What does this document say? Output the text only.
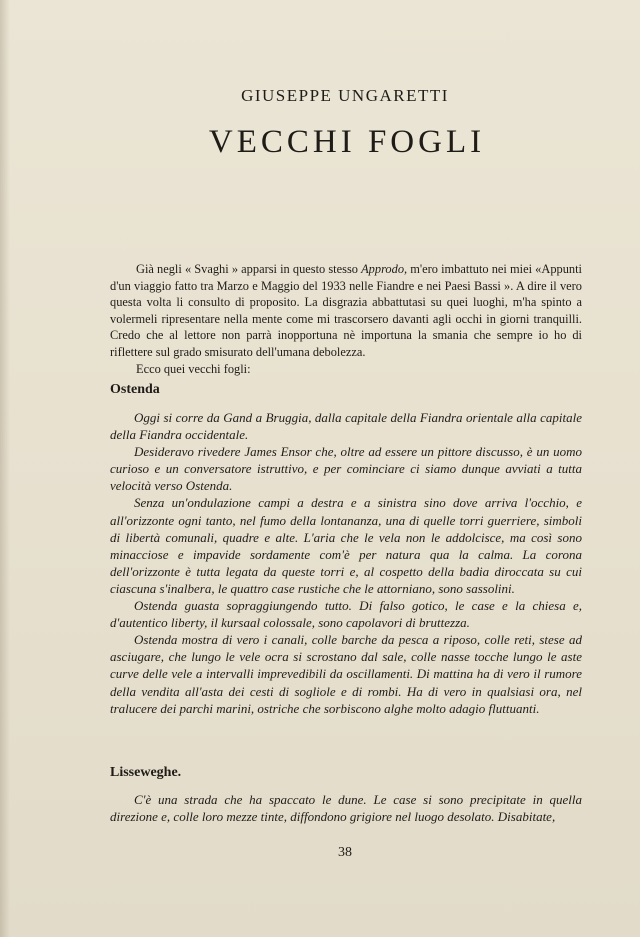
GIUSEPPE UNGARETTI
VECCHI FOGLI

Già negli « Svaghi » apparsi in questo stesso Approdo, m'ero imbattuto nei miei «Appunti d'un viaggio fatto tra Marzo e Maggio del 1933 nelle Fiandre e nei Paesi Bassi ». A dire il vero questa volta li consulto di proposito. La disgrazia abbattutasi su quei luoghi, m'ha spinto a volermeli ripresentare nella mente come mi trascorsero davanti agli occhi in giorni tranquilli. Credo che al lettore non parrà inopportuna nè importuna la smania che sempre io ho di riflettere sul grado smisurato dell'umana debolezza.

Ecco quei vecchi fogli:

Ostenda

Oggi si corre da Gand a Bruggia, dalla capitale della Fiandra orientale alla capitale della Fiandra occidentale.

Desideravo rivedere James Ensor che, oltre ad essere un pittore discusso, è un uomo curioso e un conversatore istruttivo, e per cominciare ci siamo dunque avviati a tutta velocità verso Ostenda.

Senza un'ondulazione campi a destra e a sinistra sino dove arriva l'occhio, e all'orizzonte ogni tanto, nel fumo della lontananza, una di quelle torri guerriere, simboli di libertà comunali, quadre e alte. L'aria che le vela non le addolcisce, ma così sono minacciose e impavide sordamente com'è per natura qua la calma. La corona dell'orizzonte è tutta legata da queste torri e, al cospetto della badia diroccata su cui ciascuna s'inalbera, le quattro case rustiche che le attorniano, sono sassolini.

Ostenda guasta sopraggiungendo tutto. Di falso gotico, le case e la chiesa e, d'autentico liberty, il kursaal colossale, sono capolavori di bruttezza.

Ostenda mostra di vero i canali, colle barche da pesca a riposo, colle reti, stese ad asciugare, che lungo le vele ocra si scrostano dal sale, colle nasse tocche lungo le aste curve delle vele a intervalli imprevedibili da oscillamenti. Di mattina ha di vero il rumore della vendita all'asta dei cesti di sogliole e di rombi. Ha di vero in qualsiasi ora, nel tralucere dei parchi marini, ostriche che sorbiscono alghe molto adagio fluttuanti.

Lisseweghe.

C'è una strada che ha spaccato le dune. Le case si sono precipitate in quella direzione e, colle loro mezze tinte, diffondono grigiore nel luogo desolato. Disabitate,

38
